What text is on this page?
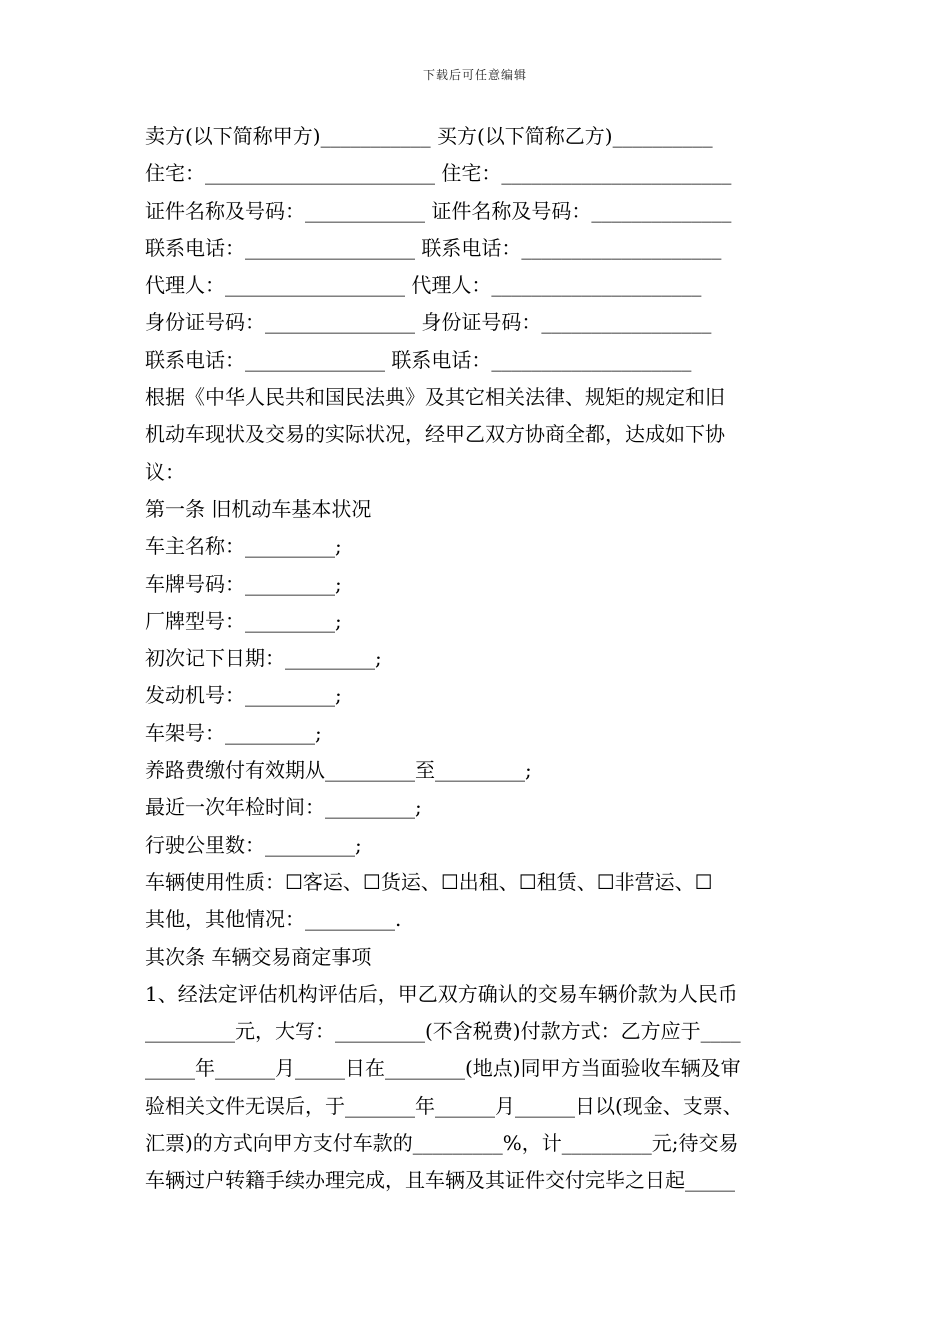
下载后可任意编辑
卖方(以下简称甲方)___________ 买方(以下简称乙方)__________
住宅：_______________________ 住宅：_______________________
证件名称及号码：____________ 证件名称及号码：______________
联系电话：_________________ 联系电话：____________________
代理人：__________________ 代理人：_____________________
身份证号码：_______________ 身份证号码：_________________
联系电话：______________ 联系电话：____________________
根据《中华人民共和国民法典》及其它相关法律、规矩的规定和旧
机动车现状及交易的实际状况，经甲乙双方协商全都，达成如下协
议：
第一条 旧机动车基本状况
车主名称：_________;
车牌号码：_________;
厂牌型号：_________;
初次记下日期：_________;
发动机号：_________;
车架号：_________;
养路费缴付有效期从_________至_________;
最近一次年检时间：_________;
行驶公里数：_________;
车辆使用性质：☐客运、☐货运、☐出租、☐租赁、☐非营运、☐
其他，其他情况：_________.
其次条 车辆交易商定事项
1、经法定评估机构评估后，甲乙双方确认的交易车辆价款为人民币
_________元，大写：_________(不含税费)付款方式：乙方应于____
_____年______月_____日在________(地点)同甲方当面验收车辆及审
验相关文件无误后，于_______年______月______日以(现金、支票、
汇票)的方式向甲方支付车款的_________%，计_________元;待交易
车辆过户转籍手续办理完成，且车辆及其证件交付完毕之日起_____
